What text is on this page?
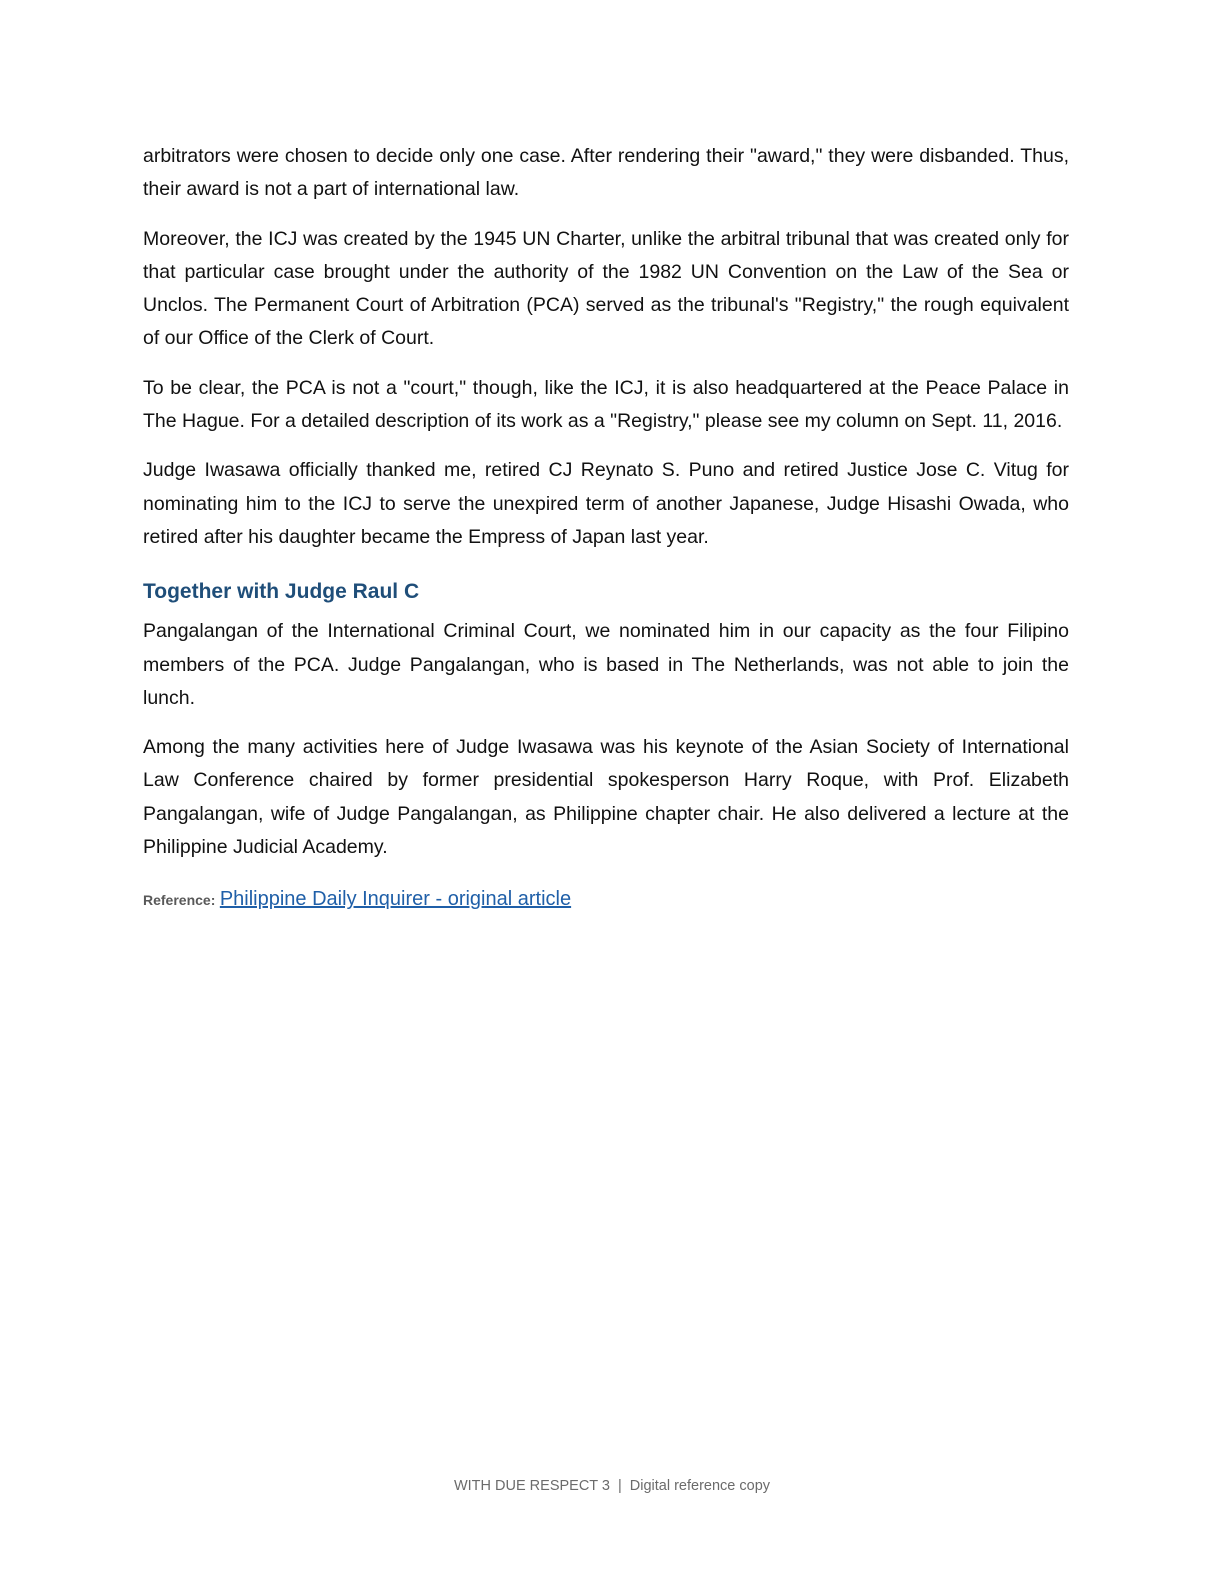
arbitrators were chosen to decide only one case. After rendering their "award," they were disbanded. Thus, their award is not a part of international law.

Moreover, the ICJ was created by the 1945 UN Charter, unlike the arbitral tribunal that was created only for that particular case brought under the authority of the 1982 UN Convention on the Law of the Sea or Unclos. The Permanent Court of Arbitration (PCA) served as the tribunal's "Registry," the rough equivalent of our Office of the Clerk of Court.

To be clear, the PCA is not a "court," though, like the ICJ, it is also headquartered at the Peace Palace in The Hague. For a detailed description of its work as a "Registry," please see my column on Sept. 11, 2016.

Judge Iwasawa officially thanked me, retired CJ Reynato S. Puno and retired Justice Jose C. Vitug for nominating him to the ICJ to serve the unexpired term of another Japanese, Judge Hisashi Owada, who retired after his daughter became the Empress of Japan last year.

Together with Judge Raul C

Pangalangan of the International Criminal Court, we nominated him in our capacity as the four Filipino members of the PCA. Judge Pangalangan, who is based in The Netherlands, was not able to join the lunch.

Among the many activities here of Judge Iwasawa was his keynote of the Asian Society of International Law Conference chaired by former presidential spokesperson Harry Roque, with Prof. Elizabeth Pangalangan, wife of Judge Pangalangan, as Philippine chapter chair. He also delivered a lecture at the Philippine Judicial Academy.

Reference: Philippine Daily Inquirer - original article
WITH DUE RESPECT 3 | Digital reference copy
